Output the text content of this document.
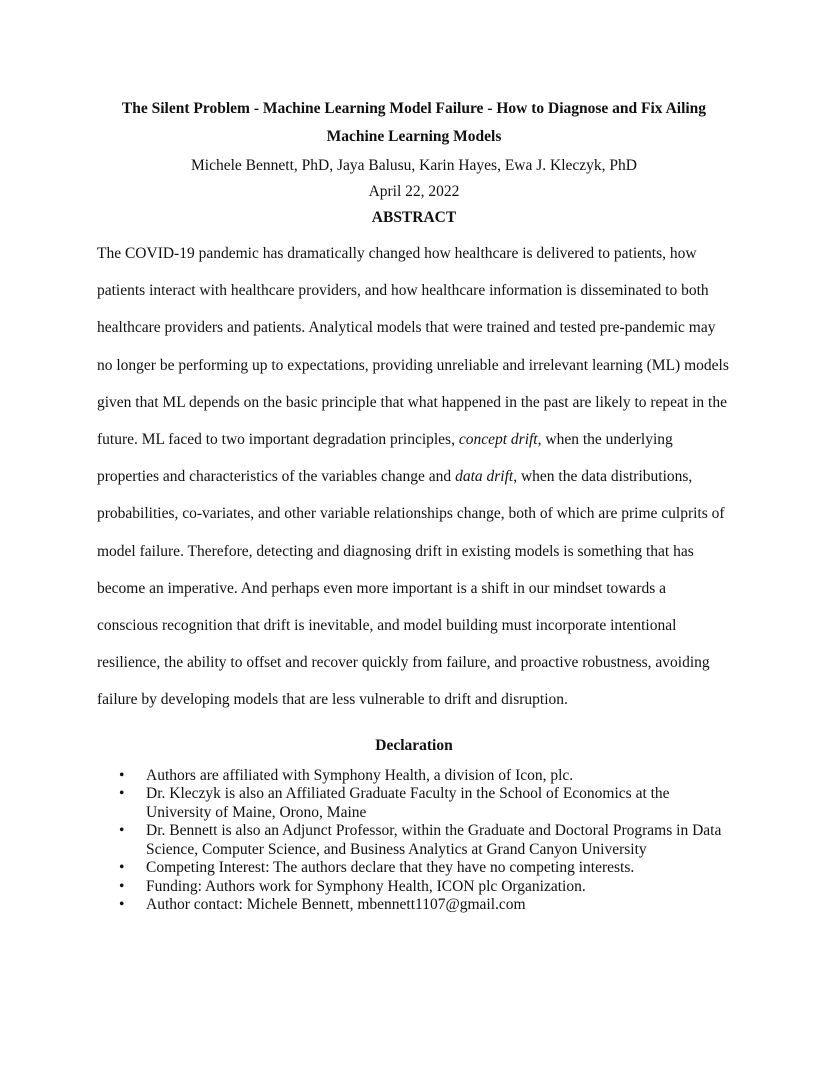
The Silent Problem - Machine Learning Model Failure - How to Diagnose and Fix Ailing Machine Learning Models

Michele Bennett, PhD, Jaya Balusu, Karin Hayes, Ewa J. Kleczyk, PhD

April 22, 2022

ABSTRACT

The COVID-19 pandemic has dramatically changed how healthcare is delivered to patients, how patients interact with healthcare providers, and how healthcare information is disseminated to both healthcare providers and patients. Analytical models that were trained and tested pre-pandemic may no longer be performing up to expectations, providing unreliable and irrelevant learning (ML) models given that ML depends on the basic principle that what happened in the past are likely to repeat in the future. ML faced to two important degradation principles, concept drift, when the underlying properties and characteristics of the variables change and data drift, when the data distributions, probabilities, co-variates, and other variable relationships change, both of which are prime culprits of model failure. Therefore, detecting and diagnosing drift in existing models is something that has become an imperative. And perhaps even more important is a shift in our mindset towards a conscious recognition that drift is inevitable, and model building must incorporate intentional resilience, the ability to offset and recover quickly from failure, and proactive robustness, avoiding failure by developing models that are less vulnerable to drift and disruption.

Declaration
• Authors are affiliated with Symphony Health, a division of Icon, plc.
• Dr. Kleczyk is also an Affiliated Graduate Faculty in the School of Economics at the University of Maine, Orono, Maine
• Dr. Bennett is also an Adjunct Professor, within the Graduate and Doctoral Programs in Data Science, Computer Science, and Business Analytics at Grand Canyon University
• Competing Interest: The authors declare that they have no competing interests.
• Funding: Authors work for Symphony Health, ICON plc Organization.
• Author contact: Michele Bennett, mbennett1107@gmail.com
